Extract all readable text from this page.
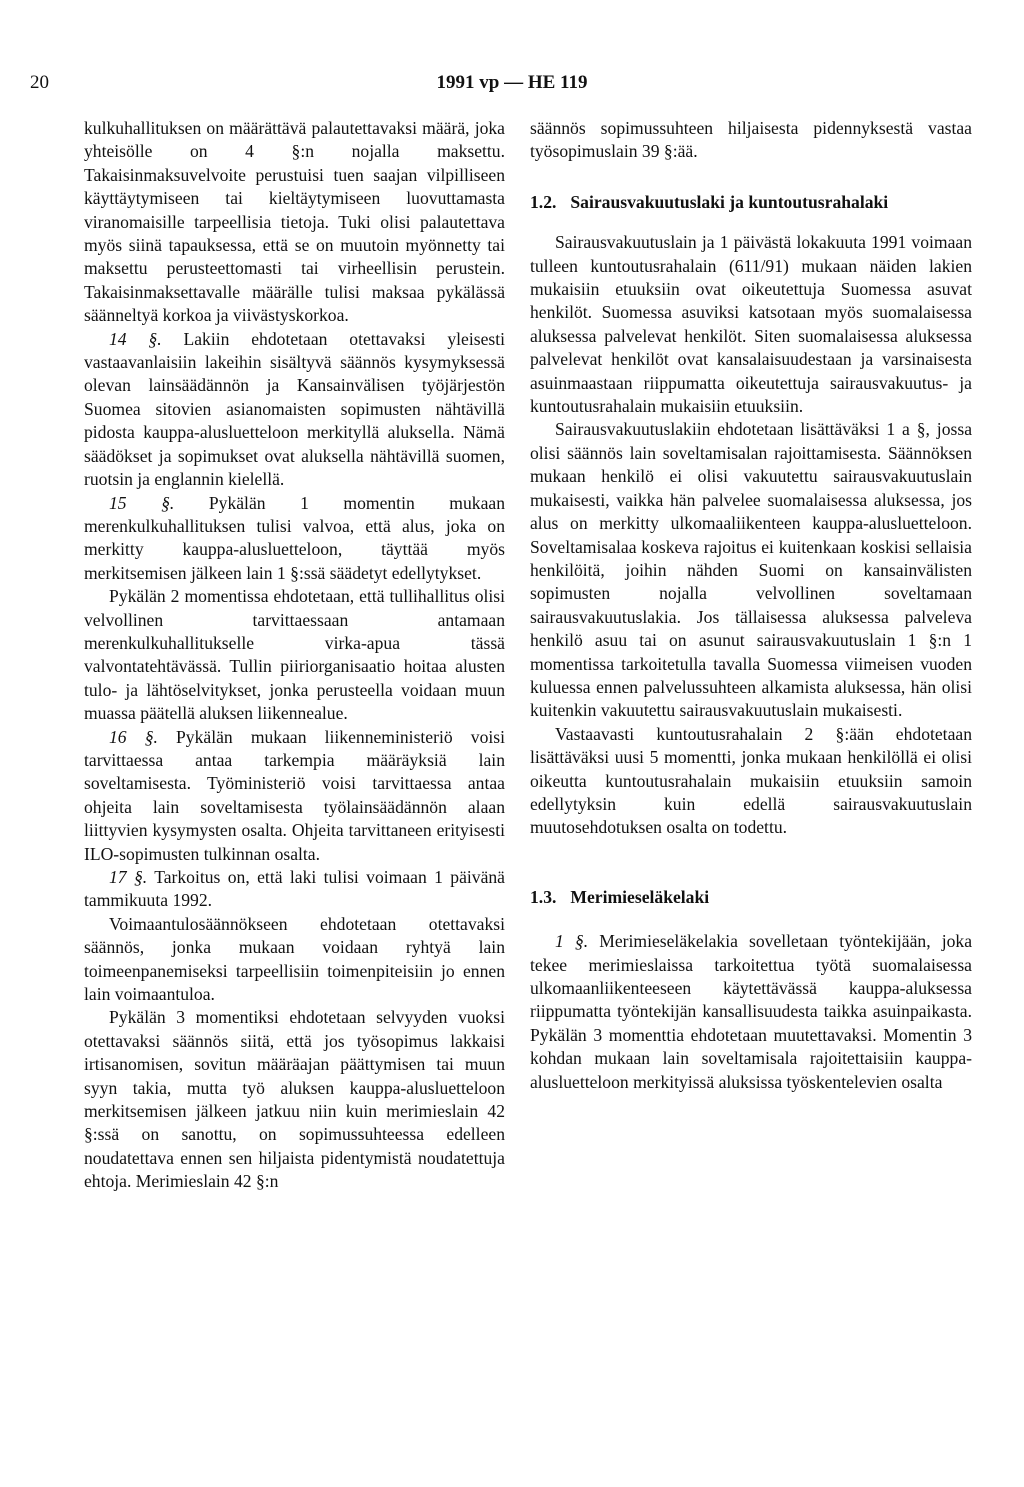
20	1991 vp — HE 119

kulkuhallituksen on määrättävä palautettavaksi määrä, joka yhteisölle on 4 §:n nojalla maksettu. Takaisinmaksuvelvoite perustuisi tuen saajan vilpilliseen käyttäytymiseen tai kieltäytymiseen luovuttamasta viranomaisille tarpeellisia tietoja. Tuki olisi palautettava myös siinä tapauksessa, että se on muutoin myönnetty tai maksettu perusteettomasti tai virheellisin perustein. Takaisinmaksettavalle määrälle tulisi maksaa pykälässä säänneltyä korkoa ja viivästyskorkoa.

14 §. Lakiin ehdotetaan otettavaksi yleisesti vastaavanlaisiin lakeihin sisältyvä säännös kysymyksessä olevan lainsäädännön ja Kansainvälisen työjärjestön Suomea sitovien asianomaisten sopimusten nähtävillä pidosta kauppa-alusluetteloon merkityllä aluksella. Nämä säädökset ja sopimukset ovat aluksella nähtävillä suomen, ruotsin ja englannin kielellä.

15 §. Pykälän 1 momentin mukaan merenkulkuhallituksen tulisi valvoa, että alus, joka on merkitty kauppa-alusluetteloon, täyttää myös merkitsemisen jälkeen lain 1 §:ssä säädetyt edellytykset.

Pykälän 2 momentissa ehdotetaan, että tullihallitus olisi velvollinen tarvittaessaan antamaan merenkulkuhallitukselle virka-apua tässä valvontatehtävässä. Tullin piiriorganisaatio hoitaa alusten tulo- ja lähtöselvitykset, jonka perusteella voidaan muun muassa päätellä aluksen liikennealue.

16 §. Pykälän mukaan liikenneministeriö voisi tarvittaessa antaa tarkempia määräyksiä lain soveltamisesta. Työministeriö voisi tarvittaessa antaa ohjeita lain soveltamisesta työlainsäädännön alaan liittyvien kysymysten osalta. Ohjeita tarvittaneen erityisesti ILO-sopimusten tulkinnan osalta.

17 §. Tarkoitus on, että laki tulisi voimaan 1 päivänä tammikuuta 1992.

Voimaantulosäännökseen ehdotetaan otettavaksi säännös, jonka mukaan voidaan ryhtyä lain toimeenpanemiseksi tarpeellisiin toimenpiteisiin jo ennen lain voimaantuloa.

Pykälän 3 momentiksi ehdotetaan selvyyden vuoksi otettavaksi säännös siitä, että jos työsopimus lakkaisi irtisanomisen, sovitun määräajan päättymisen tai muun syyn takia, mutta työ aluksen kauppa-alusluetteloon merkitsemisen jälkeen jatkuu niin kuin merimieslain 42 §:ssä on sanottu, on sopimussuhteessa edelleen noudatettava ennen sen hiljaista pidentymistä noudatettuja ehtoja. Merimieslain 42 §:n

säännös sopimussuhteen hiljaisesta pidennyksestä vastaa työsopimuslain 39 §:ää.

1.2. Sairausvakuutuslaki ja kuntoutusrahalaki

Sairausvakuutuslain ja 1 päivästä lokakuuta 1991 voimaan tulleen kuntoutusrahalain (611/91) mukaan näiden lakien mukaisiin etuuksiin ovat oikeutettuja Suomessa asuvat henkilöt. Suomessa asuviksi katsotaan myös suomalaisessa aluksessa palvelevat henkilöt. Siten suomalaisessa aluksessa palvelevat henkilöt ovat kansalaisuudestaan ja varsinaisesta asuinmaastaan riippumatta oikeutettuja sairausvakuutus- ja kuntoutusrahalain mukaisiin etuuksiin.

Sairausvakuutuslakiin ehdotetaan lisättäväksi 1 a §, jossa olisi säännös lain soveltamisalan rajoittamisesta. Säännöksen mukaan henkilö ei olisi vakuutettu sairausvakuutuslain mukaisesti, vaikka hän palvelee suomalaisessa aluksessa, jos alus on merkitty ulkomaaliikenteen kauppa-alusluetteloon. Soveltamisalaa koskeva rajoitus ei kuitenkaan koskisi sellaisia henkilöitä, joihin nähden Suomi on kansainvälisten sopimusten nojalla velvollinen soveltamaan sairausvakuutuslakia. Jos tällaisessa aluksessa palveleva henkilö asuu tai on asunut sairausvakuutuslain 1 §:n 1 momentissa tarkoitetulla tavalla Suomessa viimeisen vuoden kuluessa ennen palvelussuhteen alkamista aluksessa, hän olisi kuitenkin vakuutettu sairausvakuutuslain mukaisesti.

Vastaavasti kuntoutusrahalain 2 §:ään ehdotetaan lisättäväksi uusi 5 momentti, jonka mukaan henkilöllä ei olisi oikeutta kuntoutusrahalain mukaisiin etuuksiin samoin edellytyksin kuin edellä sairausvakuutuslain muutosehdotuksen osalta on todettu.

1.3. Merimieseläkelaki

1 §. Merimieseläkelakia sovelletaan työntekijään, joka tekee merimieslaissa tarkoitettua työtä suomalaisessa ulkomaanliikenteeseen käytettävässä kauppa-aluksessa riippumatta työntekijän kansallisuudesta taikka asuinpaikasta. Pykälän 3 momenttia ehdotetaan muutettavaksi. Momentin 3 kohdan mukaan lain soveltamisala rajoitettaisiin kauppa-alusluetteloon merkityissä aluksissa työskentelevien osalta
